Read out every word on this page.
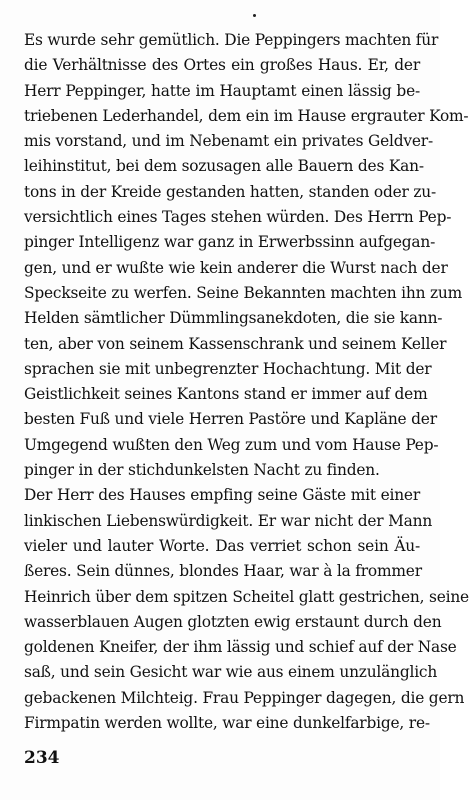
Es wurde sehr gemütlich. Die Peppingers machten für
die Verhältnisse des Ortes ein großes Haus. Er, der
Herr Peppinger, hatte im Hauptamt einen lässig be-
triebenen Lederhandel, dem ein im Hause ergrauter Kom-
mis vorstand, und im Nebenamt ein privates Geldver-
leihinstitut, bei dem sozusagen alle Bauern des Kan-
tons in der Kreide gestanden hatten, standen oder zu-
versichtlich eines Tages stehen würden. Des Herrn Pep-
pinger Intelligenz war ganz in Erwerbssinn aufgegan-
gen, und er wußte wie kein anderer die Wurst nach der
Speckseite zu werfen. Seine Bekannten machten ihn zum
Helden sämtlicher Dümmlingsanekdoten, die sie kann-
ten, aber von seinem Kassenschrank und seinem Keller
sprachen sie mit unbegrenzter Hochachtung. Mit der
Geistlichkeit seines Kantons stand er immer auf dem
besten Fuß und viele Herren Pastöre und Kapläne der
Umgegend wußten den Weg zum und vom Hause Pep-
pinger in der stichdunkelsten Nacht zu finden.
Der Herr des Hauses empfing seine Gäste mit einer
linkischen Liebenswürdigkeit. Er war nicht der Mann
vieler und lauter Worte. Das verriet schon sein Äu-
ßeres. Sein dünnes, blondes Haar, war à la frommer
Heinrich über dem spitzen Scheitel glatt gestrichen, seine
wasserblauen Augen glotzten ewig erstaunt durch den
goldenen Kneifer, der ihm lässig und schief auf der Nase
saß, und sein Gesicht war wie aus einem unzulänglich
gebackenen Milchteig. Frau Peppinger dagegen, die gern
Firmpatin werden wollte, war eine dunkelfarbige, re-
234
